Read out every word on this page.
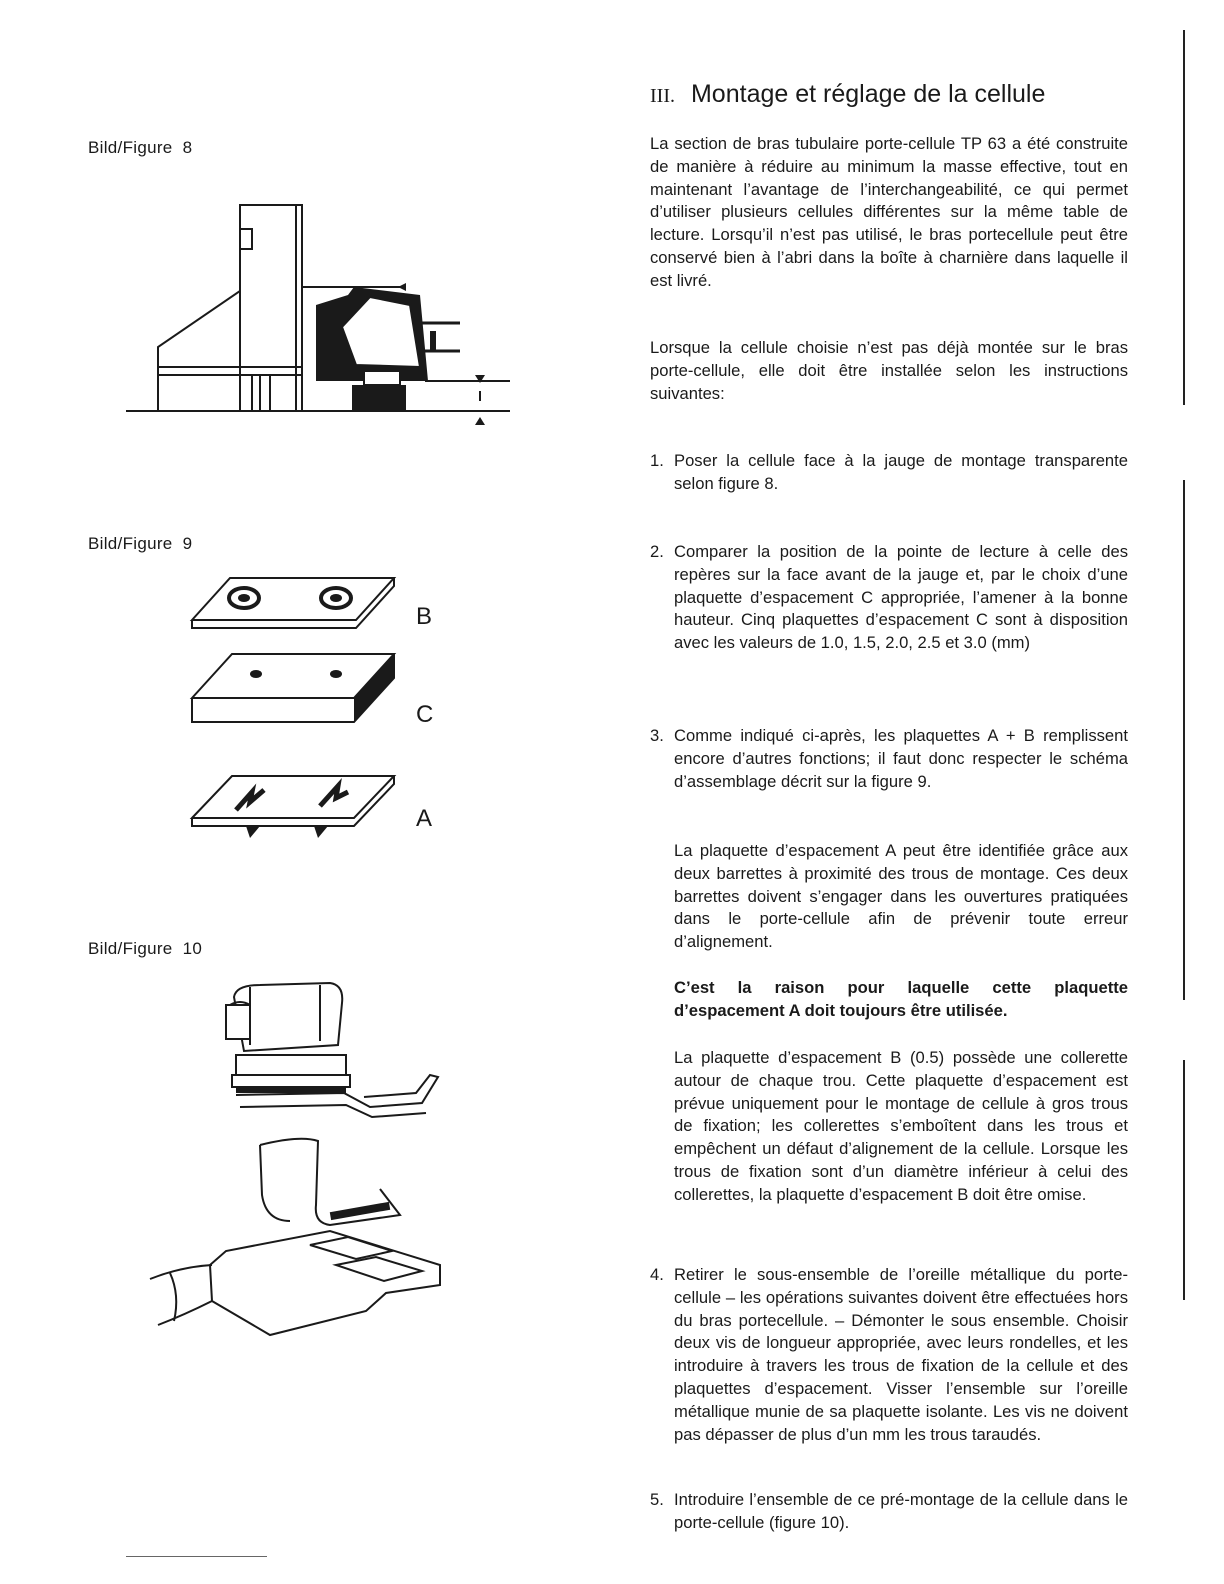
Bild/Figure 8
Bild/Figure 9
Bild/Figure 10
B
C
A
III. Montage et réglage de la cellule

La section de bras tubulaire porte-cellule TP 63 a été construite de manière à réduire au minimum la masse effective, tout en maintenant l’avantage de l’interchangeabilité, ce qui permet d’utiliser plusieurs cellules différentes sur la même table de lecture. Lorsqu’il n’est pas utilisé, le bras portecellule peut être conservé bien à l’abri dans la boîte à charnière dans laquelle il est livré.

Lorsque la cellule choisie n’est pas déjà montée sur le bras porte-cellule, elle doit être installée selon les instructions suivantes:

1. Poser la cellule face à la jauge de montage transparente selon figure 8.
2. Comparer la position de la pointe de lecture à celle des repères sur la face avant de la jauge et, par le choix d’une plaquette d’espacement C appropriée, l’amener à la bonne hauteur. Cinq plaquettes d’espacement C sont à disposition avec les valeurs de 1.0, 1.5, 2.0, 2.5 et 3.0 (mm)
3. Comme indiqué ci-après, les plaquettes A + B remplissent encore d’autres fonctions; il faut donc respecter le schéma d’assemblage décrit sur la figure 9.

La plaquette d’espacement A peut être identifiée grâce aux deux barrettes à proximité des trous de montage. Ces deux barrettes doivent s’engager dans les ouvertures pratiquées dans le porte-cellule afin de prévenir toute erreur d’alignement.

C’est la raison pour laquelle cette plaquette d’espacement A doit toujours être utilisée.

La plaquette d’espacement B (0.5) possède une collerette autour de chaque trou. Cette plaquette d’espacement est prévue uniquement pour le montage de cellule à gros trous de fixation; les collerettes s’emboîtent dans les trous et empêchent un défaut d’alignement de la cellule. Lorsque les trous de fixation sont d’un diamètre inférieur à celui des collerettes, la plaquette d’espacement B doit être omise.

4. Retirer le sous-ensemble de l’oreille métallique du porte-cellule – les opérations suivantes doivent être effectuées hors du bras portecellule. – Démonter le sous ensemble. Choisir deux vis de longueur appropriée, avec leurs rondelles, et les introduire à travers les trous de fixation de la cellule et des plaquettes d’espacement. Visser l’ensemble sur l’oreille métallique munie de sa plaquette isolante. Les vis ne doivent pas dépasser de plus d’un mm les trous taraudés.
5. Introduire l’ensemble de ce pré-montage de la cellule dans le porte-cellule (figure 10).
